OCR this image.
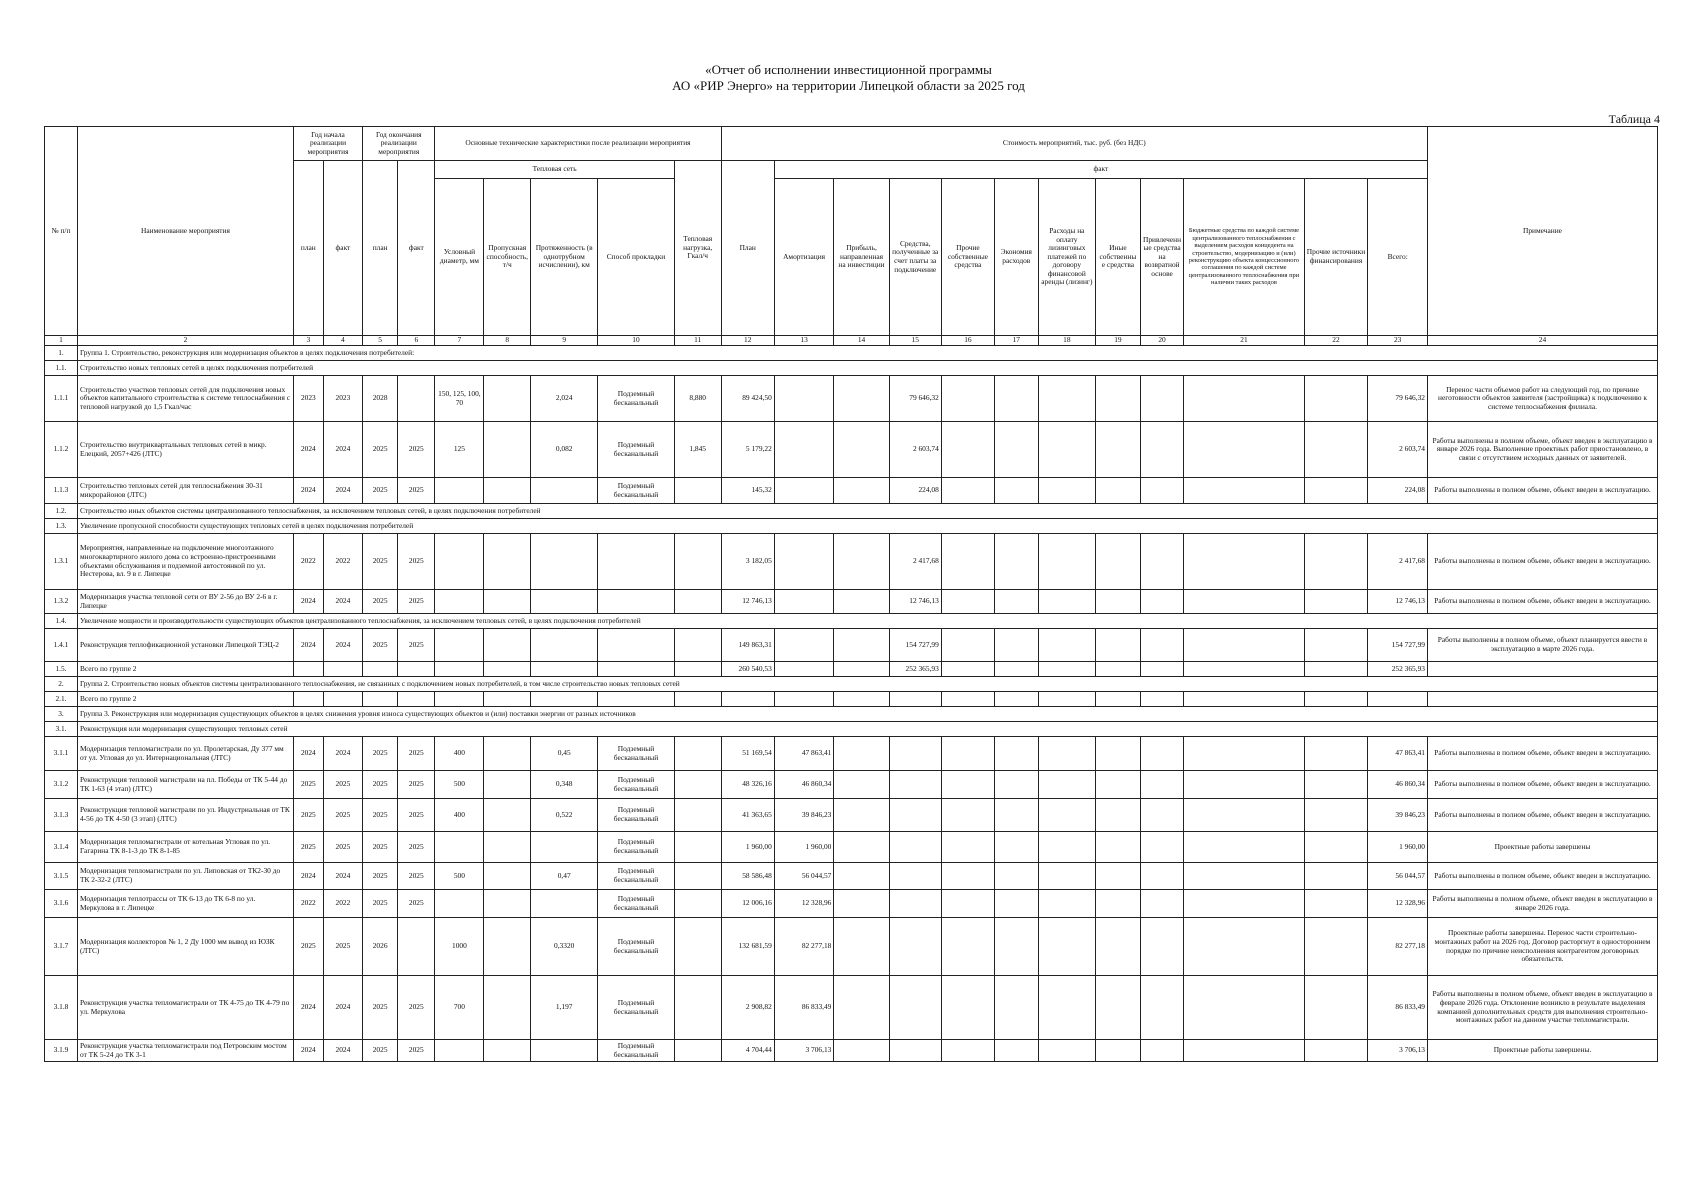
«Отчет об исполнении инвестиционной программы
АО «РИР Энерго» на территории Липецкой области за 2025 год
Таблица 4
№ п/п	Наименование мероприятия	Год начала реализации мероприятия		Год окончания реализации мероприятия		Основные технические характеристики после реализации мероприятия					Стоимость мероприятий, тыс. руб. (без НДС)												Примечание
		план	факт	план	факт	Тепловая сеть				Тепловая нагрузка, Гкал/ч	План	факт											
						Условный диаметр, мм	Пропускная способность, т/ч	Протяженность (в однотрубном исчислении), км	Способ прокладки			Амортизация	Прибыль, направленная на инвестиции	Средства, полученные за счет платы за подключение	Прочие собственные средства	Экономия расходов	Расходы на оплату лизинговых платежей по договору финансовой аренды (лизинг)	Иные собственные средства	Привлеченные средства на возвратной основе	Бюджетные средства по каждой системе централизованного теплоснабжения с выделением расходов концедента на строительство, модернизацию и (или) реконструкцию объекта концессионного соглашения по каждой системе централизованного теплоснабжения при наличии таких расходов	Прочие источники финансирования	Всего:	
1	2	3	4	5	6	7	8	9	10	11	12	13	14	15	16	17	18	19	20	21	22	23	24
1.	Группа 1. Строительство, реконструкция или модернизация объектов в целях подключения потребителей:																						
1.1.	Строительство новых тепловых сетей в целях подключения потребителей																						
1.1.1	Строительство участков тепловых сетей для подключения новых объектов капитального строительства к системе теплоснабжения с тепловой нагрузкой до 1,5 Гкал/час	2023	2023	2028		150, 125, 100, 70		2,024	Подземный бесканальный	8,880	89 424,50			79 646,32								79 646,32	Перенос части объемов работ на следующий год, по причине неготовности объектов заявителя (застройщика) к подключению к системе теплоснабжения филиала.
1.1.2	Строительство внутриквартальных тепловых сетей в микр. Елецкий, 2057+426 (ЛТС)	2024	2024	2025	2025	125		0,082	Подземный бесканальный	1,845	5 179,22			2 603,74								2 603,74	Работы выполнены в полном объеме, объект введен в эксплуатацию в январе 2026 года. Выполнение проектных работ приостановлено, в связи с отсутствием исходных данных от заявителей.
1.1.3	Строительство тепловых сетей для теплоснабжения 30-31 микрорайонов (ЛТС)	2024	2024	2025	2025				Подземный бесканальный		145,32			224,08								224,08	Работы выполнены в полном объеме, объект введен в эксплуатацию.
1.2.	Строительство иных объектов системы централизованного теплоснабжения, за исключением тепловых сетей, в целях подключения потребителей																						
1.3.	Увеличение пропускной способности существующих тепловых сетей в целях подключения потребителей																						
1.3.1	Мероприятия, направленные на подключение многоэтажного многоквартирного жилого дома со встроенно-пристроенными объектами обслуживания и подземной автостоянкой по ул. Нестерова, вл. 9 в г. Липецке	2022	2022	2025	2025						3 182,05			2 417,68								2 417,68	Работы выполнены в полном объеме, объект введен в эксплуатацию.
1.3.2	Модернизация участка тепловой сети от ВУ 2-56 до ВУ 2-6 в г. Липецке	2024	2024	2025	2025						12 746,13			12 746,13								12 746,13	Работы выполнены в полном объеме, объект введен в эксплуатацию.
1.4.	Увеличение мощности и производительности существующих объектов централизованного теплоснабжения, за исключением тепловых сетей, в целях подключения потребителей																						
1.4.1	Реконструкция теплофикационной установки Липецкой ТЭЦ-2	2024	2024	2025	2025						149 863,31			154 727,99								154 727,99	Работы выполнены в полном объеме, объект планируется ввести в эксплуатацию в марте 2026 года.
1.5.	Всего по группе 2										260 540,53			252 365,93								252 365,93	
2.	Группа 2. Строительство новых объектов системы централизованного теплоснабжения, не связанных с подключением новых потребителей, в том числе строительство новых тепловых сетей																						
2.1.	Всего по группе 2																						
3.	Группа 3. Реконструкция или модернизация существующих объектов в целях снижения уровня износа существующих объектов и (или) поставки энергии от разных источников																						
3.1.	Реконструкция или модернизация существующих тепловых сетей																						
3.1.1	Модернизация тепломагистрали по ул. Пролетарская, Ду 377 мм от ул. Угловая до ул. Интернациональная (ЛТС)	2024	2024	2025	2025	400		0,45	Подземный бесканальный		51 169,54	47 863,41										47 863,41	Работы выполнены в полном объеме, объект введен в эксплуатацию.
3.1.2	Реконструкция тепловой магистрали на пл. Победы от ТК 5-44 до ТК 1-63 (4 этап) (ЛТС)	2025	2025	2025	2025	500		0,348	Подземный бесканальный		48 326,16	46 860,34										46 860,34	Работы выполнены в полном объеме, объект введен в эксплуатацию.
3.1.3	Реконструкция тепловой магистрали по ул. Индустриальная от ТК 4-56 до ТК 4-50 (3 этап) (ЛТС)	2025	2025	2025	2025	400		0,522	Подземный бесканальный		41 363,65	39 846,23										39 846,23	Работы выполнены в полном объеме, объект введен в эксплуатацию.
3.1.4	Модернизация тепломагистрали от котельная Угловая по ул. Гагарина ТК 8-1-3 до ТК 8-1-85	2025	2025	2025	2025				Подземный бесканальный		1 960,00	1 960,00										1 960,00	Проектные работы завершены
3.1.5	Модернизация тепломагистрали по ул. Липовская от ТК2-30 до ТК 2-32-2 (ЛТС)	2024	2024	2025	2025	500		0,47	Подземный бесканальный		58 586,48	56 044,57										56 044,57	Работы выполнены в полном объеме, объект введен в эксплуатацию.
3.1.6	Модернизация теплотрассы от ТК 6-13 до ТК 6-8 по ул. Меркулова в г. Липецке	2022	2022	2025	2025				Подземный бесканальный		12 006,16	12 328,96										12 328,96	Работы выполнены в полном объеме, объект введен в эксплуатацию в январе 2026 года.
3.1.7	Модернизация коллекторов № 1, 2 Ду 1000 мм вывод из ЮЗК (ЛТС)	2025	2025	2026		1000		0,3320	Подземный бесканальный		132 681,59	82 277,18										82 277,18	Проектные работы завершены. Перенос части строительно-монтажных работ на 2026 год. Договор расторгнут в одностороннем порядке по причине неисполнения контрагентом договорных обязательств.
3.1.8	Реконструкция участка тепломагистрали от ТК 4-75 до ТК 4-79 по ул. Меркулова	2024	2024	2025	2025	700		1,197	Подземный бесканальный		2 908,82	86 833,49										86 833,49	Работы выполнены в полном объеме, объект введен в эксплуатацию в феврале 2026 года. Отклонение возникло в результате выделения компанией дополнительных средств для выполнения строительно-монтажных работ на данном участке тепломагистрали.
3.1.9	Реконструкция участка тепломагистрали под Петровским мостом от ТК 5-24 до ТК 3-1	2024	2024	2025	2025				Подземный бесканальный		4 704,44	3 706,13										3 706,13	Проектные работы завершены.
